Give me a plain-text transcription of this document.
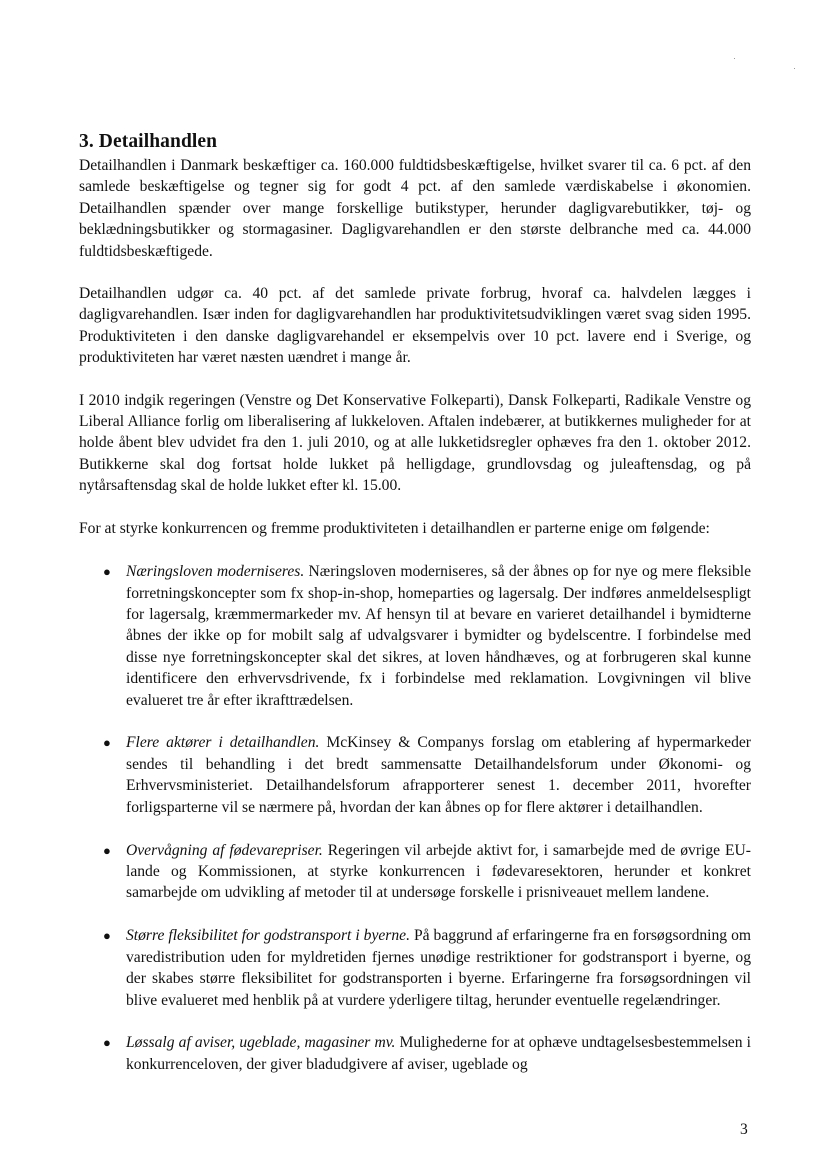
3. Detailhandlen

Detailhandlen i Danmark beskæftiger ca. 160.000 fuldtidsbeskæftigelse, hvilket svarer til ca. 6 pct. af den samlede beskæftigelse og tegner sig for godt 4 pct. af den samlede værdiskabelse i økonomien. Detailhandlen spænder over mange forskellige butikstyper, herunder dagligvarebutikker, tøj- og beklædningsbutikker og stormagasiner. Dagligvarehandlen er den største delbranche med ca. 44.000 fuldtidsbeskæftigede.

Detailhandlen udgør ca. 40 pct. af det samlede private forbrug, hvoraf ca. halvdelen lægges i dagligvarehandlen. Især inden for dagligvarehandlen har produktivitetsudviklingen været svag siden 1995. Produktiviteten i den danske dagligvarehandel er eksempelvis over 10 pct. lavere end i Sverige, og produktiviteten har været næsten uændret i mange år.

I 2010 indgik regeringen (Venstre og Det Konservative Folkeparti), Dansk Folkeparti, Radikale Venstre og Liberal Alliance forlig om liberalisering af lukkeloven. Aftalen indebærer, at butikkernes muligheder for at holde åbent blev udvidet fra den 1. juli 2010, og at alle lukketidsregler ophæves fra den 1. oktober 2012. Butikkerne skal dog fortsat holde lukket på helligdage, grundlovsdag og juleaftensdag, og på nytårsaftensdag skal de holde lukket efter kl. 15.00.

For at styrke konkurrencen og fremme produktiviteten i detailhandlen er parterne enige om følgende:

● Næringsloven moderniseres. Næringsloven moderniseres, så der åbnes op for nye og mere fleksible forretningskoncepter som fx shop-in-shop, homeparties og lagersalg. Der indføres anmeldelsespligt for lagersalg, kræmmermarkeder mv. Af hensyn til at bevare en varieret detailhandel i bymidterne åbnes der ikke op for mobilt salg af udvalgsvarer i bymidter og bydelscentre. I forbindelse med disse nye forretningskoncepter skal det sikres, at loven håndhæves, og at forbrugeren skal kunne identificere den erhvervsdrivende, fx i forbindelse med reklamation. Lovgivningen vil blive evalueret tre år efter ikrafttrædelsen.
● Flere aktører i detailhandlen. McKinsey & Companys forslag om etablering af hypermarkeder sendes til behandling i det bredt sammensatte Detailhandelsforum under Økonomi- og Erhvervsministeriet. Detailhandelsforum afrapporterer senest 1. december 2011, hvorefter forligsparterne vil se nærmere på, hvordan der kan åbnes op for flere aktører i detailhandlen.
● Overvågning af fødevarepriser. Regeringen vil arbejde aktivt for, i samarbejde med de øvrige EU-lande og Kommissionen, at styrke konkurrencen i fødevaresektoren, herunder et konkret samarbejde om udvikling af metoder til at undersøge forskelle i prisniveauet mellem landene.
● Større fleksibilitet for godstransport i byerne. På baggrund af erfaringerne fra en forsøgsordning om varedistribution uden for myldretiden fjernes unødige restriktioner for godstransport i byerne, og der skabes større fleksibilitet for godstransporten i byerne. Erfaringerne fra forsøgsordningen vil blive evalueret med henblik på at vurdere yderligere tiltag, herunder eventuelle regelændringer.
● Løssalg af aviser, ugeblade, magasiner mv. Mulighederne for at ophæve undtagelsesbestemmelsen i konkurrenceloven, der giver bladudgivere af aviser, ugeblade og
3
